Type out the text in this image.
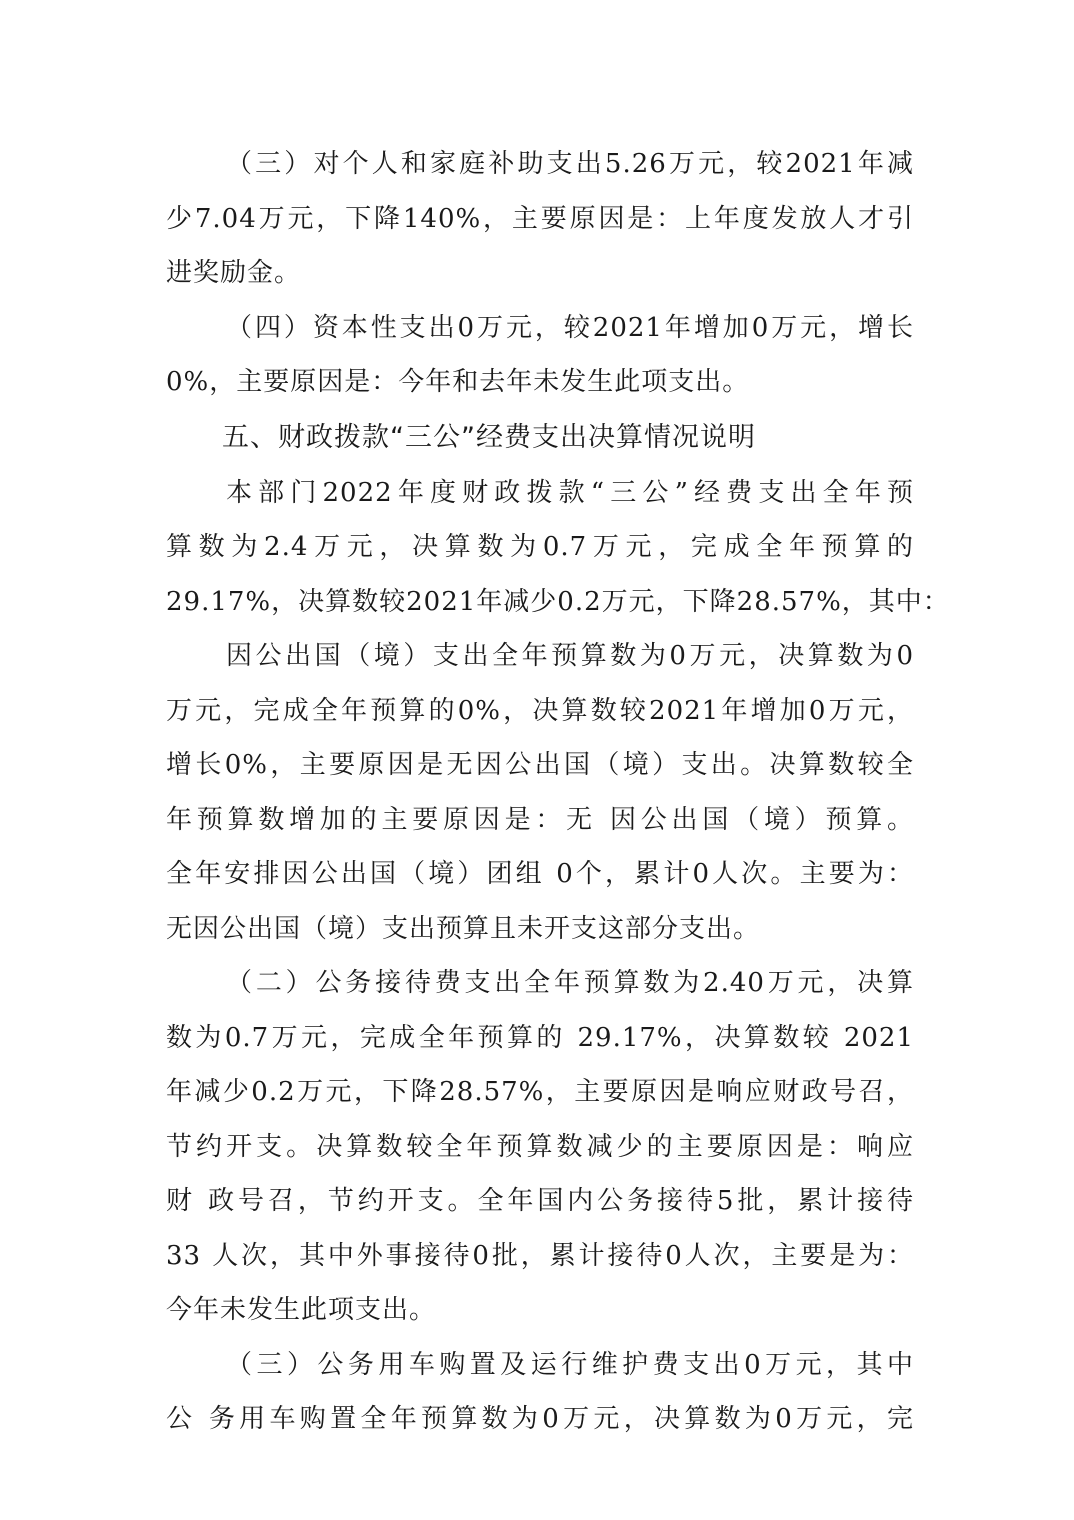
（三）对个人和家庭补助支出5.26万元，较2021年减
少7.04万元，下降140%，主要原因是：上年度发放人才引
进奖励金。
（四）资本性支出0万元，较2021年增加0万元，增长
0%，主要原因是：今年和去年未发生此项支出。
五、财政拨款“三公”经费支出决算情况说明
本部门2022年度财政拨款“三公”经费支出全年预
算数为2.4万元，决算数为0.7万元，完成全年预算的
29.17%，决算数较2021年减少0.2万元，下降28.57%，其中：
因公出国（境）支出全年预算数为0万元，决算数为0
万元，完成全年预算的0%，决算数较2021年增加0万元，
增长0%，主要原因是无因公出国（境）支出。决算数较全
年预算数增加的主要原因是：无 因公出国（境）预算。
全年安排因公出国（境）团组 0个，累计0人次。主要为：
无因公出国（境）支出预算且未开支这部分支出。
（二）公务接待费支出全年预算数为2.40万元，决算
数为0.7万元，完成全年预算的 29.17%，决算数较 2021
年减少0.2万元，下降28.57%，主要原因是响应财政号召，
节约开支。决算数较全年预算数减少的主要原因是：响应
财 政号召，节约开支。全年国内公务接待5批，累计接待
33 人次，其中外事接待0批，累计接待0人次，主要是为：
今年未发生此项支出。
（三）公务用车购置及运行维护费支出0万元，其中
公 务用车购置全年预算数为0万元，决算数为0万元，完
